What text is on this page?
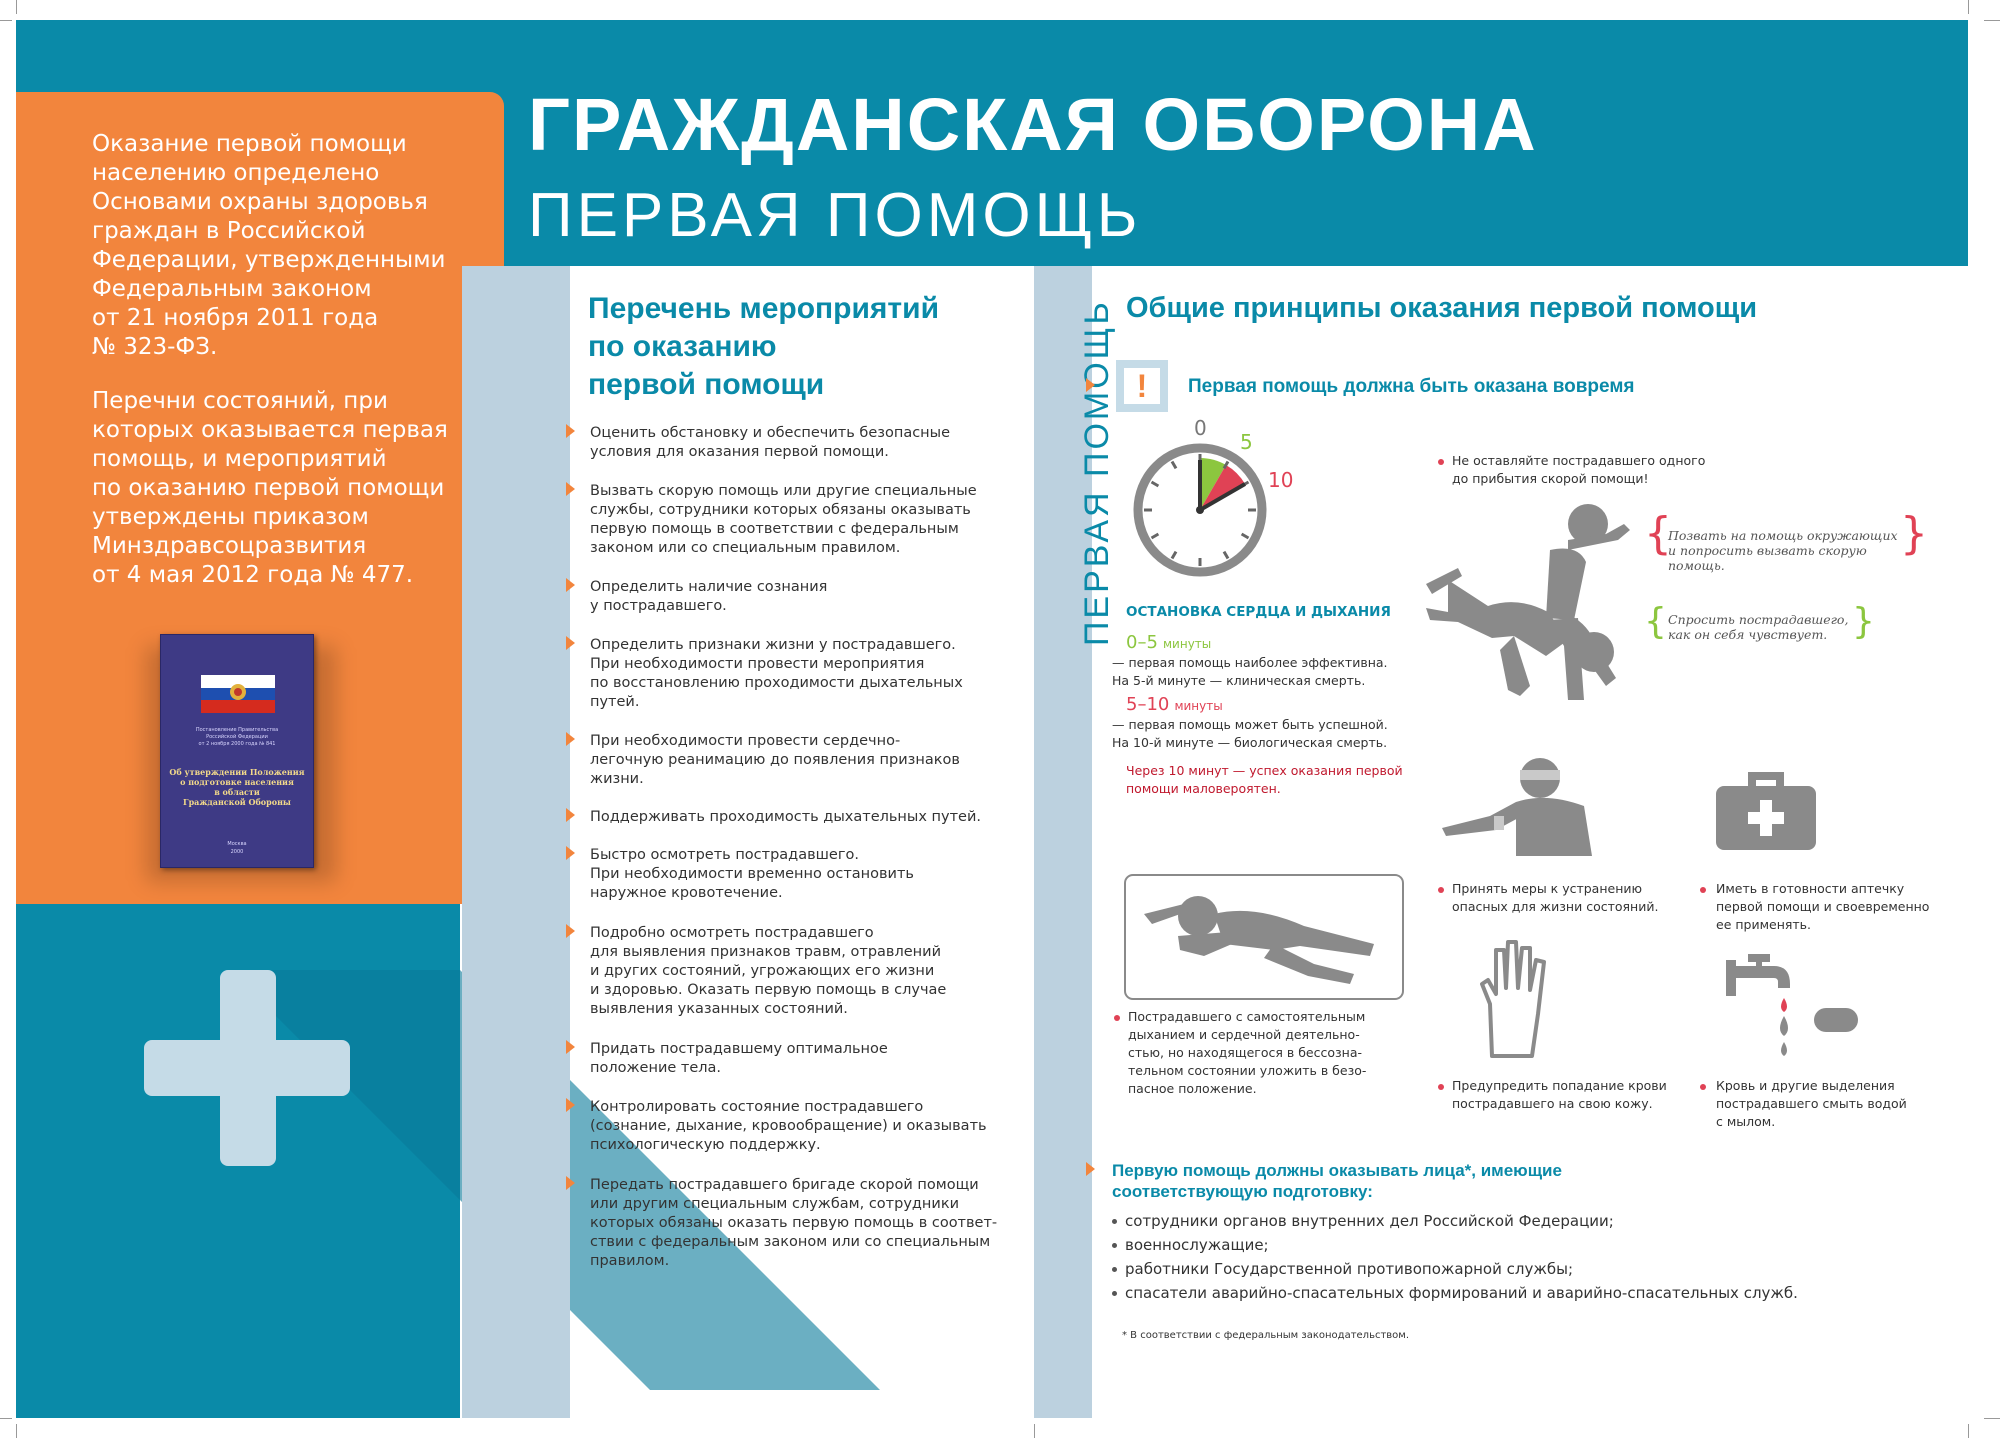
ГРАЖДАНСКАЯ ОБОРОНА
ПЕРВАЯ ПОМОЩЬ

Оказание первой помощи
населению определено
Основами охраны здоровья
граждан в Российской
Федерации, утвержденными
Федеральным законом
от 21 ноября 2011 года
№ 323-ФЗ.

Перечни состояний, при
которых оказывается первая
помощь, и мероприятий
по оказанию первой помощи
утверждены приказом
Минздравсоцразвития
от 4 мая 2012 года № 477.

Постановление Правительства
Российской Федерации
от 2 ноября 2000 года № 841
Об утверждении Положения
о подготовке населения
в области
Гражданской Обороны
Москва
2000
ПЕРВАЯ ПОМОЩЬ
Перечень мероприятий
по оказанию
первой помощи
Оценить обстановку и обеспечить безопасные
условия для оказания первой помощи.
Вызвать скорую помощь или другие специальные
службы, сотрудники которых обязаны оказывать
первую помощь в соответствии с федеральным
законом или со специальным правилом.
Определить наличие сознания
у пострадавшего.
Определить признаки жизни у пострадавшего.
При необходимости провести мероприятия
по восстановлению проходимости дыхательных
путей.
При необходимости провести сердечно-
легочную реанимацию до появления признаков
жизни.
Поддерживать проходимость дыхательных путей.
Быстро осмотреть пострадавшего.
При необходимости временно остановить
наружное кровотечение.
Подробно осмотреть пострадавшего
для выявления признаков травм, отравлений
и других состояний, угрожающих его жизни
и здоровью. Оказать первую помощь в случае
выявления указанных состояний.
Придать пострадавшему оптимальное
положение тела.
Контролировать состояние пострадавшего
(сознание, дыхание, кровообращение) и оказывать
психологическую поддержку.
Передать пострадавшего бригаде скорой помощи
или другим специальным службам, сотрудники
которых обязаны оказать первую помощь в соответ-
ствии с федеральным законом или со специальным
правилом.
Общие принципы оказания первой помощи
!	Первая помощь должна быть оказана вовремя
0
5
10
ОСТАНОВКА СЕРДЦА И ДЫХАНИЯ
0–5 минуты
— первая помощь наиболее эффективна.
На 5-й минуте — клиническая смерть.
5–10 минуты
— первая помощь может быть успешной.
На 10-й минуте — биологическая смерть.
Через 10 минут — успех оказания первой
помощи маловероятен.
Не оставляйте пострадавшего одного
до прибытия скорой помощи!
{
Позвать на помощь окружающих
и попросить вызвать скорую
помощь.
}
{ Спросить пострадавшего,
как он себя чувствует. }
Пострадавшего с самостоятельным
дыханием и сердечной деятельно-
стью, но находящегося в бессозна-
тельном состоянии уложить в безо-
пасное положение.
Принять меры к устранению
опасных для жизни состояний.
Иметь в готовности аптечку
первой помощи и своевременно
ее применять.
Предупредить попадание крови
пострадавшего на свою кожу.
мыло
Кровь и другие выделения
пострадавшего смыть водой
с мылом.
Первую помощь должны оказывать лица*, имеющие
соответствующую подготовку:
сотрудники органов внутренних дел Российской Федерации;
военнослужащие;
работники Государственной противопожарной службы;
спасатели аварийно-спасательных формирований и аварийно-спасательных служб.
* В соответствии с федеральным законодательством.
